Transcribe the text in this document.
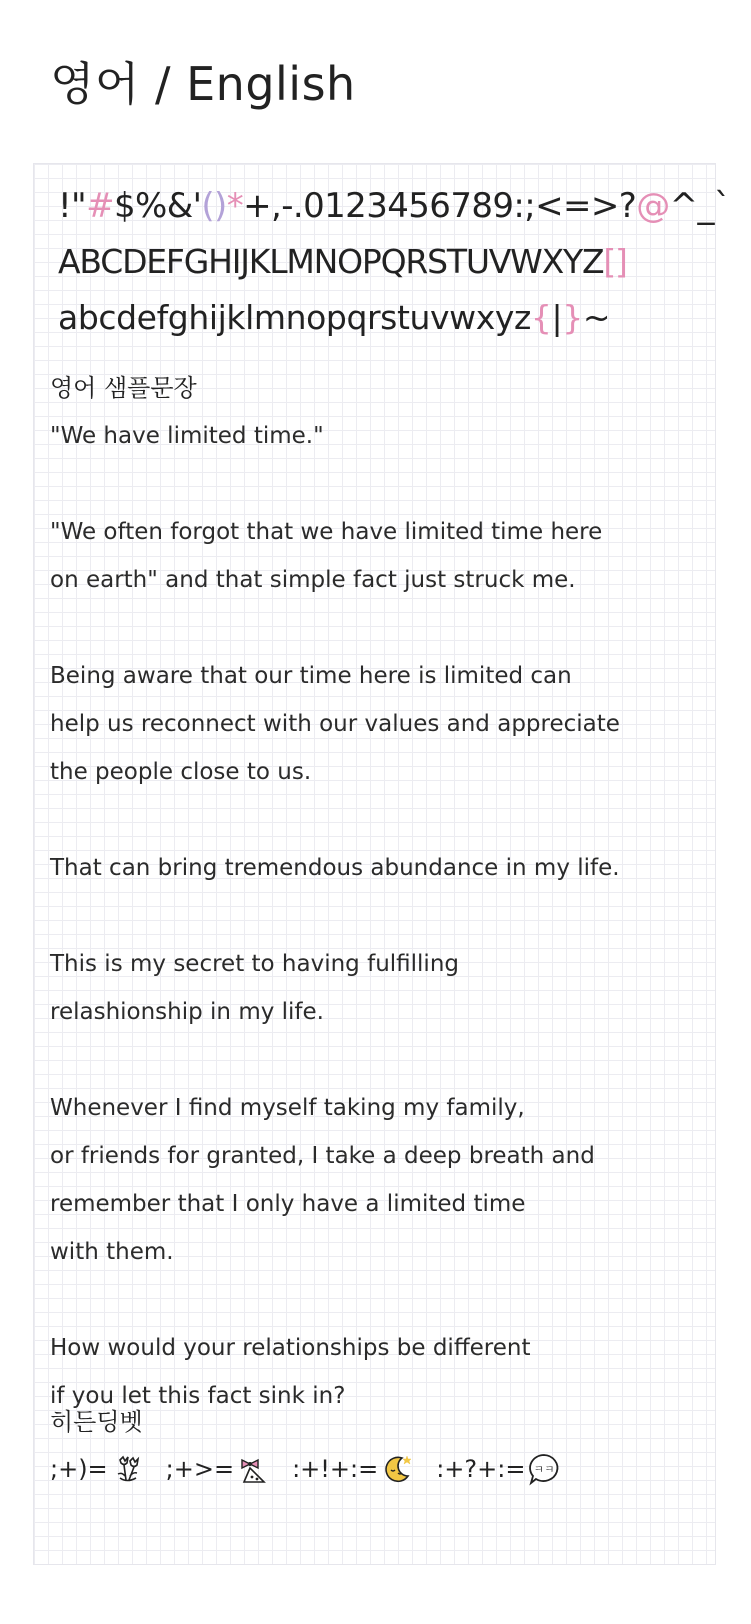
영어 / English
!"#$%&'()*+,-.0123456789:;<=>?@^_`
ABCDEFGHIJKLMNOPQRSTUVWXYZ[]
abcdefghijklmnopqrstuvwxyz{|}~
영어 샘플문장
"We have limited time."
"We often forgot that we have limited time here
on earth" and that simple fact just struck me.
Being aware that our time here is limited can
help us reconnect with our values and appreciate
the people close to us.
That can bring tremendous abundance in my life.
This is my secret to having fulfilling
relashionship in my life.
Whenever I find myself taking my family,
or friends for granted, I take a deep breath and
remember that I only have a limited time
with them.
How would your relationships be different
if you let this fact sink in?
히든딩벳
;+)= ;+>= :+!+:= :+?+:= ㅋㅋ
